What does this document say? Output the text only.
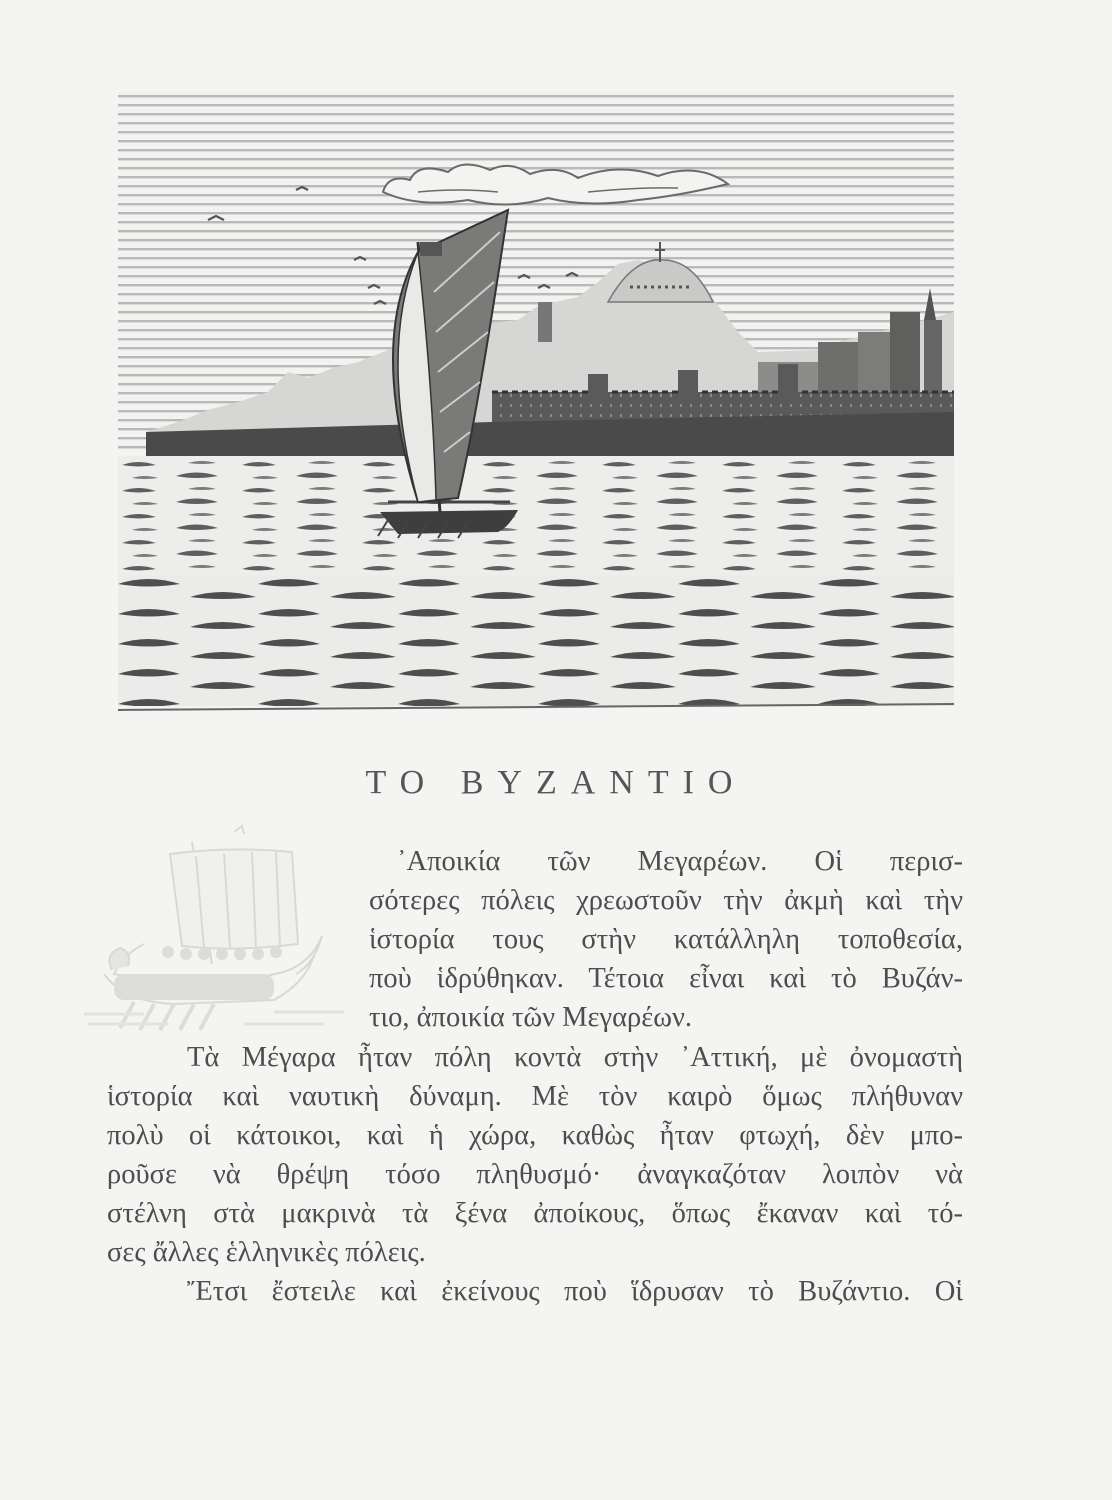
ΤΟ ΒΥΖΑΝΤΙΟ
᾿Αποικία τῶν Μεγαρέων. Οἱ περισ-
σότερες πόλεις χρεωστοῦν τὴν ἀκμὴ καὶ τὴν
ἱστορία τους στὴν κατάλληλη τοποθεσία,
ποὺ ἱδρύθηκαν. Τέτοια εἶναι καὶ τὸ Βυζάν-
τιο, ἀποικία τῶν Μεγαρέων.
Τὰ Μέγαρα ἦταν πόλη κοντὰ στὴν ᾿Αττική, μὲ ὀνομαστὴ
ἱστορία καὶ ναυτικὴ δύναμη. Μὲ τὸν καιρὸ ὅμως πλήθυναν
πολὺ οἱ κάτοικοι, καὶ ἡ χώρα, καθὼς ἦταν φτωχή, δὲν μπο-
ροῦσε νὰ θρέψη τόσο πληθυσμό· ἀναγκαζόταν λοιπὸν νὰ
στέλνη στὰ μακρινὰ τὰ ξένα ἀποίκους, ὅπως ἔκαναν καὶ τό-
σες ἄλλες ἑλληνικὲς πόλεις.
Ἔτσι ἔστειλε καὶ ἐκείνους ποὺ ἵδρυσαν τὸ Βυζάντιο. Οἱ
